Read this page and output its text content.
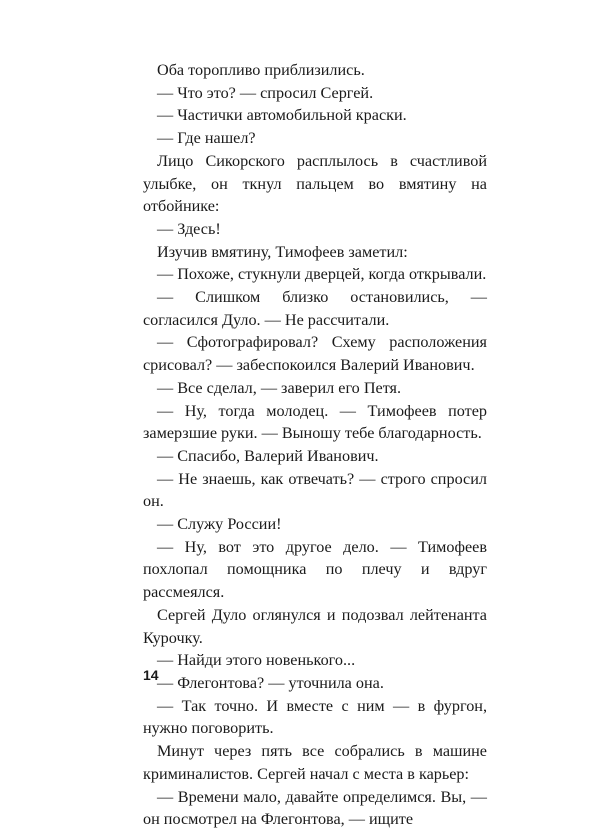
Оба торопливо приблизились.

— Что это? — спросил Сергей.

— Частички автомобильной краски.

— Где нашел?

Лицо Сикорского расплылось в счастливой улыбке, он ткнул пальцем во вмятину на отбойнике:

— Здесь!

Изучив вмятину, Тимофеев заметил:

— Похоже, стукнули дверцей, когда открывали.

— Слишком близко остановились, — согласился Дуло. — Не рассчитали.

— Сфотографировал? Схему расположения срисовал? — забеспокоился Валерий Иванович.

— Все сделал, — заверил его Петя.

— Ну, тогда молодец. — Тимофеев потер замерзшие руки. — Выношу тебе благодарность.

— Спасибо, Валерий Иванович.

— Не знаешь, как отвечать? — строго спросил он.

— Служу России!

— Ну, вот это другое дело. — Тимофеев похлопал помощника по плечу и вдруг рассмеялся.

Сергей Дуло оглянулся и подозвал лейтенанта Курочку.

— Найди этого новенького...

— Флегонтова? — уточнила она.

— Так точно. И вместе с ним — в фургон, нужно поговорить.

Минут через пять все собрались в машине криминалистов. Сергей начал с места в карьер:

— Времени мало, давайте определимся. Вы, — он посмотрел на Флегонтова, — ищите

14
